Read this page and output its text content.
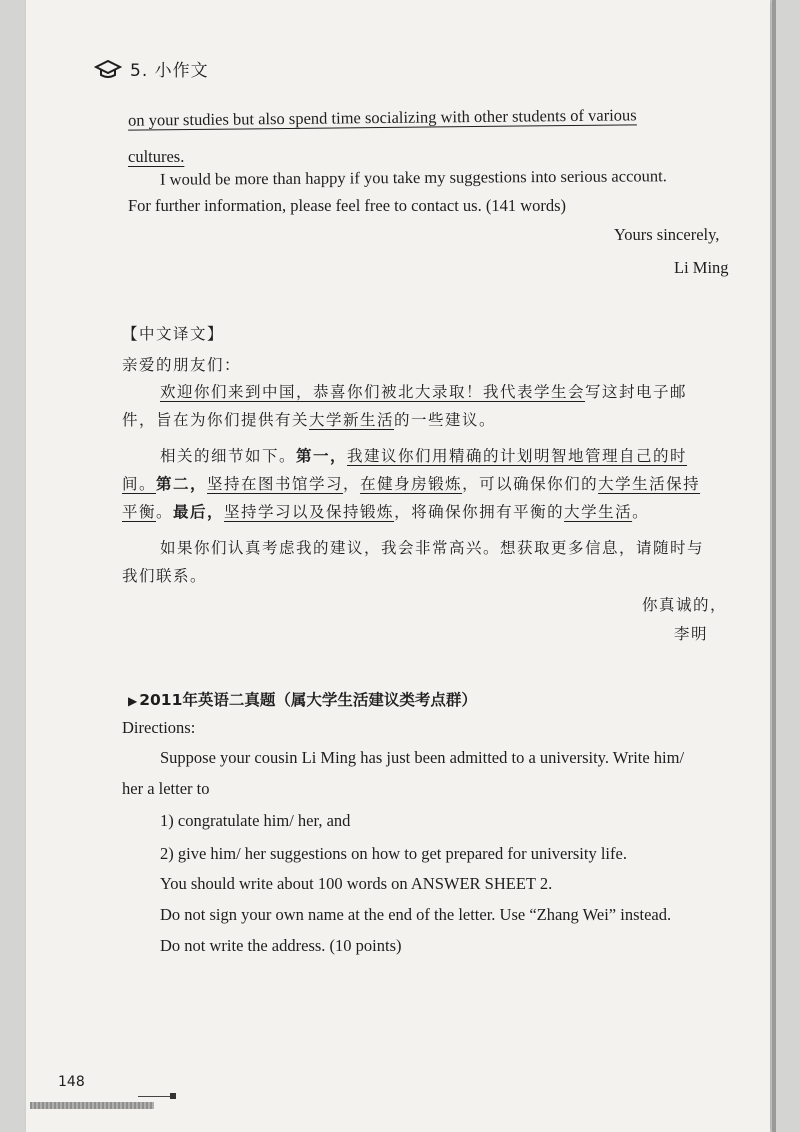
5. 小作文
on your studies but also spend time socializing with other students of various
cultures.
I would be more than happy if you take my suggestions into serious account.
For further information, please feel free to contact us. (141 words)
Yours sincerely,
Li Ming
【中文译文】
亲爱的朋友们：
欢迎你们来到中国，恭喜你们被北大录取！我代表学生会写这封电子邮
件，旨在为你们提供有关大学新生活的一些建议。
相关的细节如下。第一，我建议你们用精确的计划明智地管理自己的时
间。第二，坚持在图书馆学习，在健身房锻炼，可以确保你们的大学生活保持
平衡。最后，坚持学习以及保持锻炼，将确保你拥有平衡的大学生活。
如果你们认真考虑我的建议，我会非常高兴。想获取更多信息，请随时与
我们联系。
你真诚的，
李明
▶ 2011年英语二真题（属大学生活建议类考点群）
Directions:
Suppose your cousin Li Ming has just been admitted to a university. Write him/
her a letter to
1) congratulate him/ her, and
2) give him/ her suggestions on how to get prepared for university life.
You should write about 100 words on ANSWER SHEET 2.
Do not sign your own name at the end of the letter. Use “Zhang Wei” instead.
Do not write the address. (10 points)
148
